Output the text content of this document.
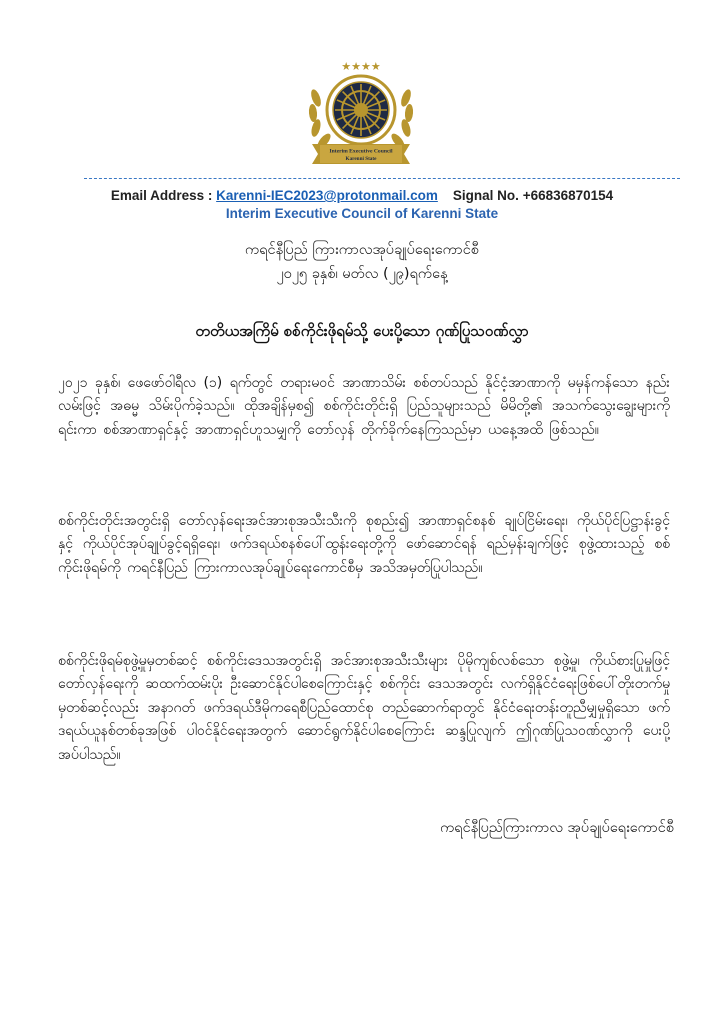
★★★★
Interim Executive Council
Karenni State
Email Address : Karenni-IEC2023@protonmail.com Signal No. +66836870154
Interim Executive Council of Karenni State
ကရင်နီပြည် ကြားကာလအုပ်ချုပ်ရေးကောင်စီ
၂၀၂၅ ခုနှစ်၊ မတ်လ (၂၉)ရက်နေ့
တတိယအကြိမ် စစ်ကိုင်းဖိုရမ်သို့ ပေးပို့သော ဂုဏ်ပြုသဝဏ်လွှာ
၂၀၂၁ ခုနှစ်၊ ဖေဖော်ဝါရီလ (၁) ရက်တွင် တရားမဝင် အာဏာသိမ်း စစ်တပ်သည် နိုင်ငံ့အာဏာကို မမှန်ကန်သော နည်းလမ်းဖြင့် အဓမ္မ သိမ်းပိုက်ခဲ့သည်။ ထိုအချိန်မှစ၍ စစ်ကိုင်းတိုင်းရှိ ပြည်သူများသည် မိမိတို့၏ အသက်သွေးချွေးများကို ရင်းကာ စစ်အာဏာရှင်နှင့် အာဏာရှင်ဟူသမျှကို တော်လှန် တိုက်ခိုက်နေကြသည်မှာ ယနေ့အထိ ဖြစ်သည်။
စစ်ကိုင်းတိုင်းအတွင်းရှိ တော်လှန်ရေးအင်အားစုအသီးသီးကို စုစည်း၍ အာဏာရှင်စနစ် ချုပ်ငြိမ်းရေး၊ ကိုယ်ပိုင်ပြဋ္ဌာန်းခွင့်နှင့် ကိုယ်ပိုင်အုပ်ချုပ်ခွင့်ရရှိရေး၊ ဖက်ဒရယ်စနစ်ပေါ်ထွန်းရေးတို့ကို ဖော်ဆောင်ရန် ရည်မှန်းချက်ဖြင့် စုဖွဲ့ထားသည့် စစ်ကိုင်းဖိုရမ်ကို ကရင်နီပြည် ကြားကာလအုပ်ချုပ်ရေးကောင်စီမှ အသိအမှတ်ပြုပါသည်။
စစ်ကိုင်းဖိုရမ်စုဖွဲ့မှုမှတစ်ဆင့် စစ်ကိုင်းဒေသအတွင်းရှိ အင်အားစုအသီးသီးများ ပိုမိုကျစ်လစ်သော စုဖွဲ့မှု၊ ကိုယ်စားပြုမှုဖြင့် တော်လှန်ရေးကို ဆထက်ထမ်းပိုး ဦးဆောင်နိုင်ပါစေကြောင်းနှင့် စစ်ကိုင်း ဒေသအတွင်း လက်ရှိနိုင်ငံရေးဖြစ်ပေါ်တိုးတက်မှုမှတစ်ဆင့်လည်း အနာဂတ် ဖက်ဒရယ်ဒီမိုကရေစီပြည်ထောင်စု တည်ဆောက်ရာတွင် နိုင်ငံရေးတန်းတူညီမျှမှုရှိသော ဖက်ဒရယ်ယူနစ်တစ်ခုအဖြစ် ပါဝင်နိုင်ရေးအတွက် ဆောင်ရွက်နိုင်ပါစေကြောင်း ဆန္ဒပြုလျက် ဤဂုဏ်ပြုသဝဏ်လွှာကို ပေးပို့အပ်ပါသည်။
ကရင်နီပြည်ကြားကာလ အုပ်ချုပ်ရေးကောင်စီ
